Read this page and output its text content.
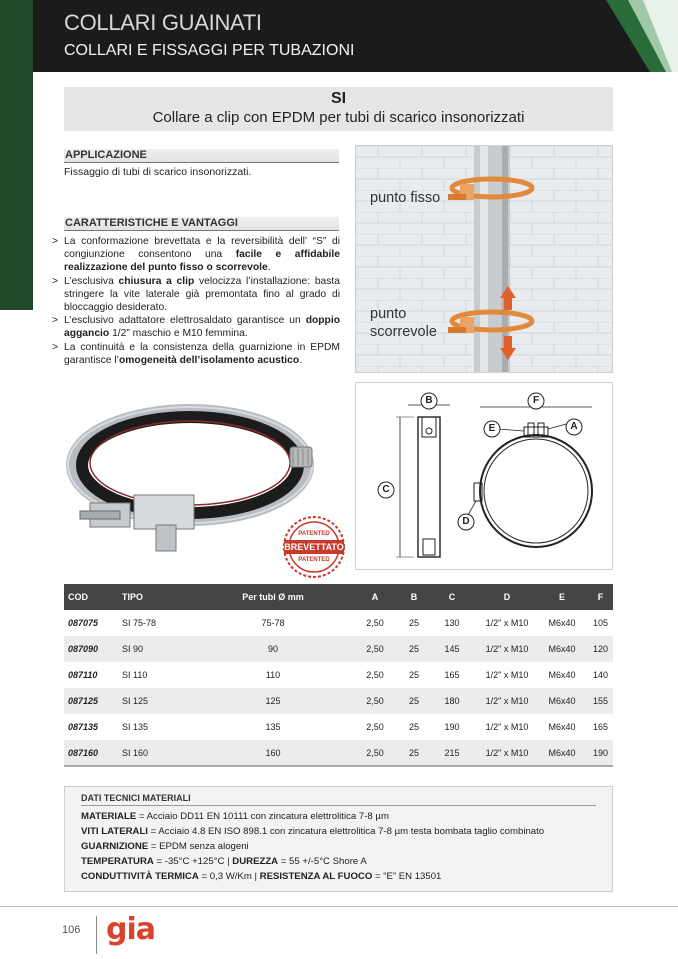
COLLARI GUAINATI
COLLARI E FISSAGGI PER TUBAZIONI
SI
Collare a clip con EPDM per tubi di scarico insonorizzati
APPLICAZIONE
Fissaggio di tubi di scarico insonorizzati.
CARATTERISTICHE E VANTAGGI
> La conformazione brevettata e la reversibilità dell’ “S” di congiunzione consentono una facile e affidabile realizzazione del punto fisso o scorrevole.
> L’esclusiva chiusura a clip velocizza l’installazione: basta stringere la vite laterale già premontata fino al grado di bloccaggio desiderato.
> L’esclusivo adattatore elettrosaldato garantisce un doppio aggancio 1/2” maschio e M10 femmina.
> La continuità e la consistenza della guarnizione in EPDM garantisce l’omogeneità dell’isolamento acustico.
punto fisso
punto
scorrevole
PATENTED
BREVETTATO
PATENTED
B
C
F
E	A
D
COD	TIPO	Per tubi Ø mm	A	B	C	D	E	F
087075	SI 75-78	75-78	2,50	25	130	1/2" x M10	M6x40	105
087090	SI 90	90	2,50	25	145	1/2" x M10	M6x40	120
087110	SI 110	110	2,50	25	165	1/2" x M10	M6x40	140
087125	SI 125	125	2,50	25	180	1/2" x M10	M6x40	155
087135	SI 135	135	2,50	25	190	1/2" x M10	M6x40	165
087160	SI 160	160	2,50	25	215	1/2" x M10	M6x40	190
DATI TECNICI MATERIALI
MATERIALE = Acciaio DD11 EN 10111 con zincatura elettrolitica 7-8 µm
VITI LATERALI = Acciaio 4.8 EN ISO 898.1 con zincatura elettrolitica 7-8 µm testa bombata taglio combinato
GUARNIZIONE = EPDM senza alogeni
TEMPERATURA = -35°C +125°C | DUREZZA = 55 +/-5°C Shore A
CONDUTTIVITÀ TERMICA = 0,3 W/Km | RESISTENZA AL FUOCO = “E” EN 13501
106 gia
